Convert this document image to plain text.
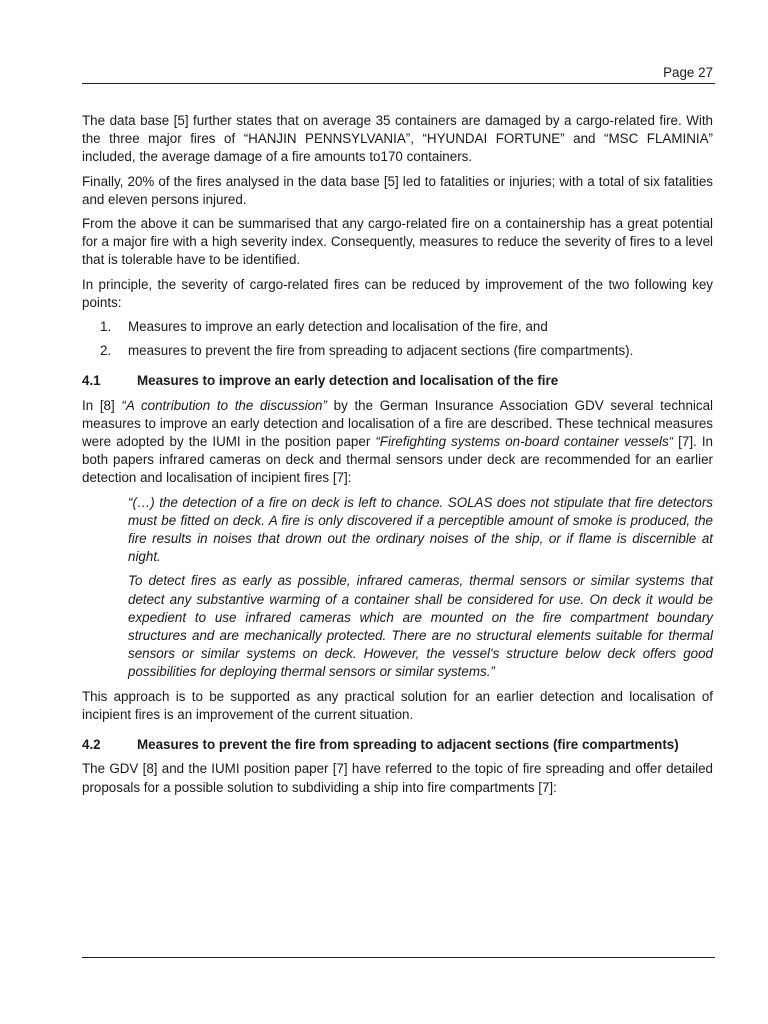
Page 27

The data base [5] further states that on average 35 containers are damaged by a cargo-related fire. With the three major fires of “HANJIN PENNSYLVANIA”, “HYUNDAI FORTUNE” and “MSC FLAMINIA” included, the average damage of a fire amounts to170 containers.

Finally, 20% of the fires analysed in the data base [5] led to fatalities or injuries; with a total of six fatalities and eleven persons injured.

From the above it can be summarised that any cargo-related fire on a containership has a great potential for a major fire with a high severity index. Consequently, measures to reduce the severity of fires to a level that is tolerable have to be identified.

In principle, the severity of cargo-related fires can be reduced by improvement of the two following key points:

1.	Measures to improve an early detection and localisation of the fire, and
2.	measures to prevent the fire from spreading to adjacent sections (fire compartments).
4.1	Measures to improve an early detection and localisation of the fire

In [8] “A contribution to the discussion” by the German Insurance Association GDV several technical measures to improve an early detection and localisation of a fire are described. These technical measures were adopted by the IUMI in the position paper “Firefighting systems on-board container vessels“ [7]. In both papers infrared cameras on deck and thermal sensors under deck are recommended for an earlier detection and localisation of incipient fires [7]:

“(…) the detection of a fire on deck is left to chance. SOLAS does not stipulate that fire detectors must be fitted on deck. A fire is only discovered if a perceptible amount of smoke is produced, the fire results in noises that drown out the ordinary noises of the ship, or if flame is discernible at night.

To detect fires as early as possible, infrared cameras, thermal sensors or similar systems that detect any substantive warming of a container shall be considered for use. On deck it would be expedient to use infrared cameras which are mounted on the fire compartment boundary structures and are mechanically protected. There are no structural elements suitable for thermal sensors or similar systems on deck. However, the vessel's structure below deck offers good possibilities for deploying thermal sensors or similar systems.”

This approach is to be supported as any practical solution for an earlier detection and localisation of incipient fires is an improvement of the current situation.

4.2	Measures to prevent the fire from spreading to adjacent sections (fire compartments)

The GDV [8] and the IUMI position paper [7] have referred to the topic of fire spreading and offer detailed proposals for a possible solution to subdividing a ship into fire compartments [7]:
